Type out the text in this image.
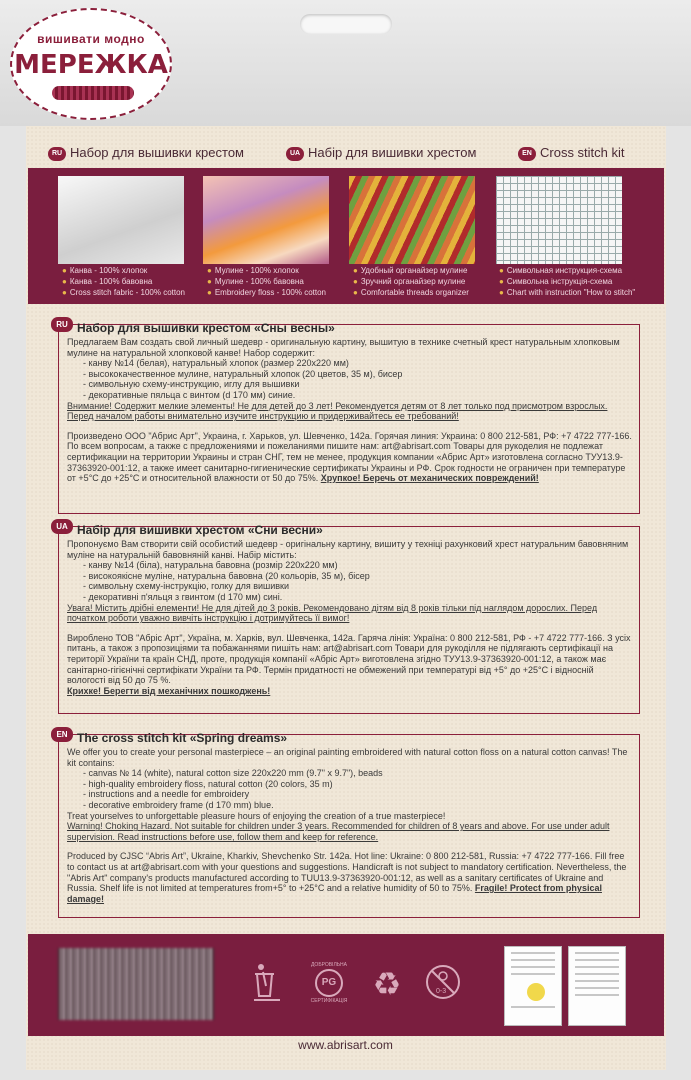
вишивати модно
МЕРЕЖКА
RU Набор для вышивки крестом	UA Набір для вишивки хрестом	EN Cross stitch kit
● Канва - 100% хлопок
● Канва - 100% бавовна
● Cross stitch fabric - 100% cotton
● Мулине - 100% хлопок
● Мулине - 100% бавовна
● Embroidery floss - 100% cotton
● Удобный органайзер мулине
● Зручний органайзер мулине
● Comfortable threads organizer
● Символьная инструкция-схема
● Символьна інструкція-схема
● Chart with instruction "How to stitch"
RU Набор для вышивки крестом «Сны весны»

Предлагаем Вам создать свой личный шедевр - оригинальную картину, вышитую в технике счетный крест натуральным хлопковым мулине на натуральной хлопковой канве! Набор содержит:

- канву №14 (белая), натуральный хлопок (размер 220х220 мм)

- высококачественное мулине, натуральный хлопок (20 цветов, 35 м), бисер

- символьную схему-инструкцию, иглу для вышивки

- декоративные пяльца с винтом (d 170 мм) синие.

Внимание! Содержит мелкие элементы! Не для детей до 3 лет! Рекомендуется детям от 8 лет только под присмотром взрослых. Перед началом работы внимательно изучите инструкцию и придерживайтесь ее требований!

Произведено ООО "Абрис Арт", Украина, г. Харьков, ул. Шевченко, 142а. Горячая линия: Украина: 0 800 212-581, РФ: +7 4722 777-166. По всем вопросам, а также с предложениями и пожеланиями пишите нам: art@abrisart.com Товары для рукоделия не подлежат сертификации на территории Украины и стран СНГ, тем не менее, продукция компании «Абрис Арт» изготовлена согласно ТУУ13.9-37363920-001:12, а также имеет санитарно-гигиенические сертификаты Украины и РФ. Срок годности не ограничен при температуре от +5°С до +25°С и относительной влажности от 50 до 75%. Хрупкое! Беречь от механических повреждений!

UA Набір для вишивки хрестом «Сни весни»

Пропонуємо Вам створити свій особистий шедевр - оригінальну картину, вишиту у техніці рахунковий хрест натуральним бавовняним муліне на натуральній бавовняній канві. Набір містить:

- канву №14 (біла), натуральна бавовна (розмір 220х220 мм)

- високоякісне муліне, натуральна бавовна (20 кольорів, 35 м), бісер

- символьну схему-інструкцію, голку для вишивки

- декоративні п'яльця з гвинтом (d 170 мм) сині.

Увага! Містить дрібні елементи! Не для дітей до 3 років. Рекомендовано дітям від 8 років тільки під наглядом дорослих. Перед початком роботи уважно вивчіть інструкцію і дотримуйтесь її вимог!

Вироблено ТОВ "Абріс Арт", Україна, м. Харків, вул. Шевченка, 142а. Гаряча лінія: Україна: 0 800 212-581, РФ - +7 4722 777-166. З усіх питань, а також з пропозиціями та побажаннями пишіть нам: art@abrisart.com Товари для рукоділля не підлягають сертифікації на території України та країн СНД, проте, продукція компанії «Абріс Арт» виготовлена згідно ТУУ13.9-37363920-001:12, а також має санітарно-гігієнічні сертифікати України та РФ. Термін придатності не обмежений при температурі від +5° до +25°С і відносній вологості від 50 до 75 %.

Крихке! Берегти від механічних пошкоджень!

EN The cross stitch kit «Spring dreams»

We offer you to create your personal masterpiece – an original painting embroidered with natural cotton floss on a natural cotton canvas! The kit contains:

- canvas № 14 (white), natural cotton size 220х220 mm (9.7" х 9.7"), beads

- high-quality embroidery floss, natural cotton (20 colors, 35 m)

- instructions and a needle for embroidery

- decorative embroidery frame (d 170 mm) blue.

Treat yourselves to unforgettable pleasure hours of enjoying the creation of a true masterpiece!

Warning! Choking Hazard. Not suitable for children under 3 years. Recommended for children of 8 years and above. For use under adult supervision. Read instructions before use, follow them and keep for reference.

Produced by CJSC “Abris Art”, Ukraine, Kharkiv, Shevchenko Str. 142a. Hot line: Ukraine: 0 800 212-581, Russia: +7 4722 777-166. Fill free to contact us at art@abrisart.com with your questions and suggestions. Handicraft is not subject to mandatory certification. Nevertheless, the "Abris Art" company's products manufactured according to TUU13.9-37363920-001:12, as well as a sanitary certificates of Ukraine and Russia. Shelf life is not limited at temperatures from+5° to +25°C and a relative humidity of 50 to 75%. Fragile! Protect from physical damage!

ДОБРОВІЛЬНА
PG
СЕРТИФІКАЦІЯ ♻	0-3
www.abrisart.com
